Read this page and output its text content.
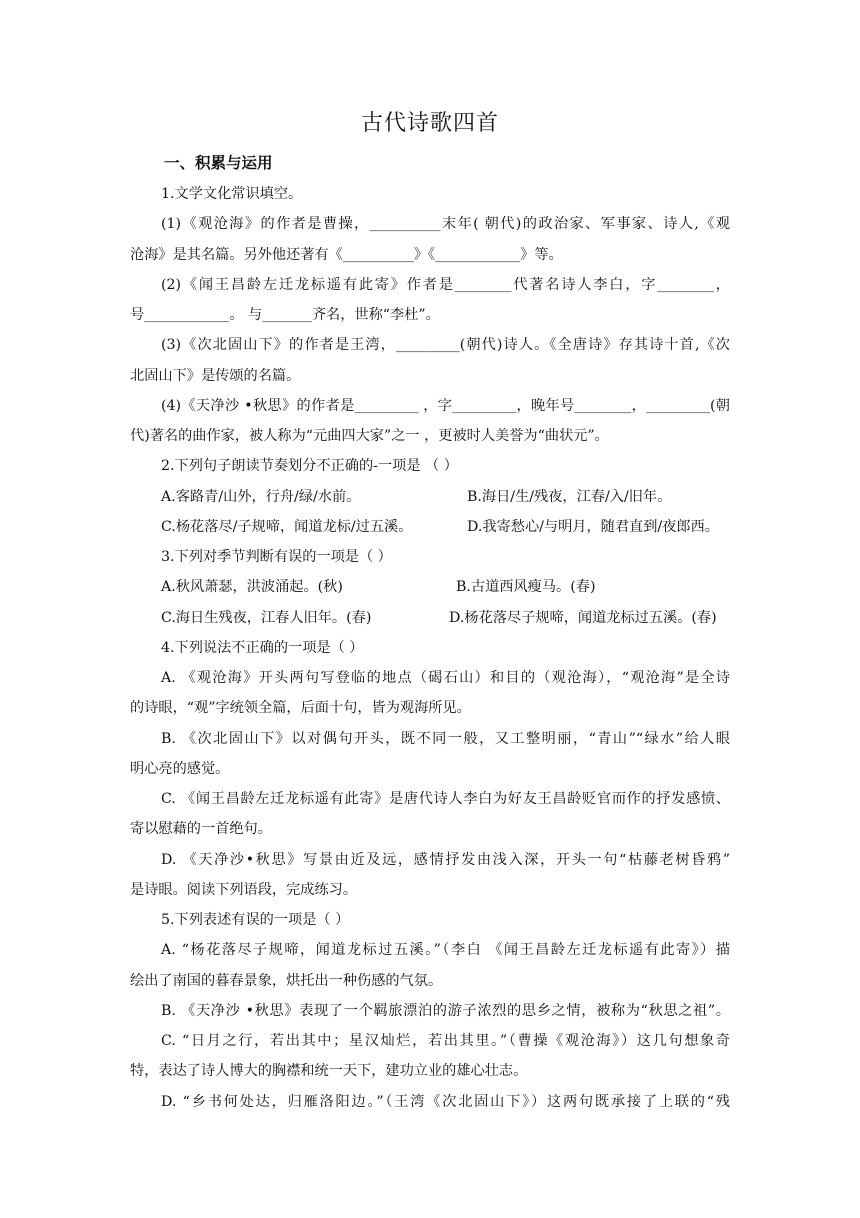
古代诗歌四首
一、积累与运用
1.文学文化常识填空。
(1)《观沧海》的作者是曹操，__________末年( 朝代)的政治家、军事家、诗人,《观
沧海》是其名篇。另外他还著有《__________》《____________》等。
(2)《闻王昌龄左迁龙标遥有此寄》作者是________代著名诗人李白，字________，
号____________。 与_______齐名，世称“李杜”。
(3)《次北固山下》的作者是王湾，_________(朝代)诗人。《全唐诗》存其诗十首,《次
北固山下》是传颂的名篇。
(4)《天净沙 •秋思》的作者是_________ ，字_________，晚年号________，_________(朝
代)著名的曲作家，被人称为“元曲四大家”之一 ，更被时人美誉为“曲状元”。
2.下列句子朗读节奏划分不正确的-一项是 （ ）
A.客路青/山外，行舟/绿/水前。	B.海日/生/残夜，江春/入/旧年。
C.杨花落尽/子规啼，闻道龙标/过五溪。	D.我寄愁心/与明月，随君直到/夜郎西。
3.下列对季节判断有误的一项是（ ）
A.秋风萧瑟，洪波涌起。(秋)	B.古道西风瘦马。(春)
C.海日生残夜，江春人旧年。(春)	D.杨花落尽子规啼，闻道龙标过五溪。(春)
4.下列说法不正确的一项是（ ）
A. 《观沧海》开头两句写登临的地点（碣石山）和目的（观沧海），“观沧海”是全诗
的诗眼，“观”字统领全篇，后面十句，皆为观海所见。
B. 《次北固山下》以对偶句开头，既不同一般，又工整明丽，“青山”“绿水”给人眼
明心亮的感觉。
C. 《闻王昌龄左迁龙标遥有此寄》是唐代诗人李白为好友王昌龄贬官而作的抒发感愤、
寄以慰藉的一首绝句。
D. 《天净沙•秋思》写景由近及远，感情抒发由浅入深，开头一句“枯藤老树昏鸦”
是诗眼。阅读下列语段，完成练习。
5.下列表述有误的一项是（ ）
A. “杨花落尽子规啼，闻道龙标过五溪。”（李白 《闻王昌龄左迁龙标遥有此寄》）描
绘出了南国的暮春景象，烘托出一种伤感的气氛。
B. 《天净沙 •秋思》表现了一个羁旅漂泊的游子浓烈的思乡之情，被称为“秋思之祖”。
C. “日月之行，若出其中；星汉灿烂，若出其里。”（曹操《观沧海》）这几句想象奇
特，表达了诗人博大的胸襟和统一天下，建功立业的雄心壮志。
D. “乡书何处达，归雁洛阳边。”（王湾《次北固山下》）这两句既承接了上联的“残
